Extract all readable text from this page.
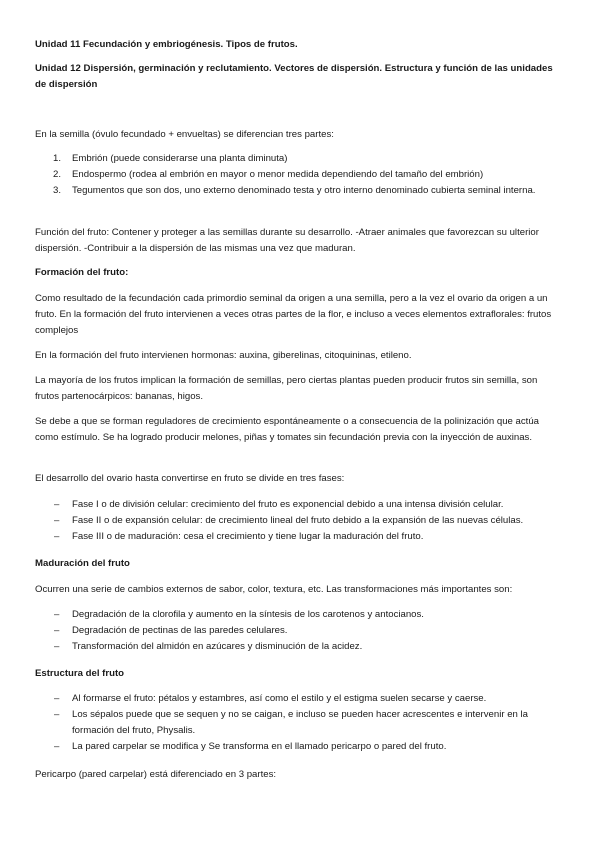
Unidad 11 Fecundación y embriogénesis. Tipos de frutos.
Unidad 12 Dispersión, germinación y reclutamiento. Vectores de dispersión. Estructura y función de las unidades de dispersión
En la semilla (óvulo fecundado + envueltas) se diferencian tres partes:
1. Embrión (puede considerarse una planta diminuta)
2. Endospermo (rodea al embrión en mayor o menor medida dependiendo del tamaño del embrión)
3. Tegumentos que son dos, uno externo denominado testa y otro interno denominado cubierta seminal interna.
Función del fruto: Contener y proteger a las semillas durante su desarrollo. -Atraer animales que favorezcan su ulterior dispersión. -Contribuir a la dispersión de las mismas una vez que maduran.
Formación del fruto:
Como resultado de la fecundación cada primordio seminal da origen a una semilla, pero a la vez el ovario da origen a un fruto. En la formación del fruto intervienen a veces otras partes de la flor, e incluso a veces elementos extraflorales: frutos complejos
En la formación del fruto intervienen hormonas: auxina, giberelinas, citoquininas, etileno.
La mayoría de los frutos implican la formación de semillas, pero ciertas plantas pueden producir frutos sin semilla, son frutos partenocárpicos: bananas, higos.
Se debe a que se forman reguladores de crecimiento espontáneamente o a consecuencia de la polinización que actúa como estímulo. Se ha logrado producir melones, piñas y tomates sin fecundación previa con la inyección de auxinas.
El desarrollo del ovario hasta convertirse en fruto se divide en tres fases:
– Fase I o de división celular: crecimiento del fruto es exponencial debido a una intensa división celular.
– Fase II o de expansión celular: de crecimiento lineal del fruto debido a la expansión de las nuevas células.
– Fase III o de maduración: cesa el crecimiento y tiene lugar la maduración del fruto.
Maduración del fruto
Ocurren una serie de cambios externos de sabor, color, textura, etc. Las transformaciones más importantes son:
– Degradación de la clorofila y aumento en la síntesis de los carotenos y antocianos.
– Degradación de pectinas de las paredes celulares.
– Transformación del almidón en azúcares y disminución de la acidez.
Estructura del fruto
– Al formarse el fruto: pétalos y estambres, así como el estilo y el estigma suelen secarse y caerse.
– Los sépalos puede que se sequen y no se caigan, e incluso se pueden hacer acrescentes e intervenir en la formación del fruto, Physalis.
– La pared carpelar se modifica y Se transforma en el llamado pericarpo o pared del fruto.
Pericarpo (pared carpelar) está diferenciado en 3 partes:
